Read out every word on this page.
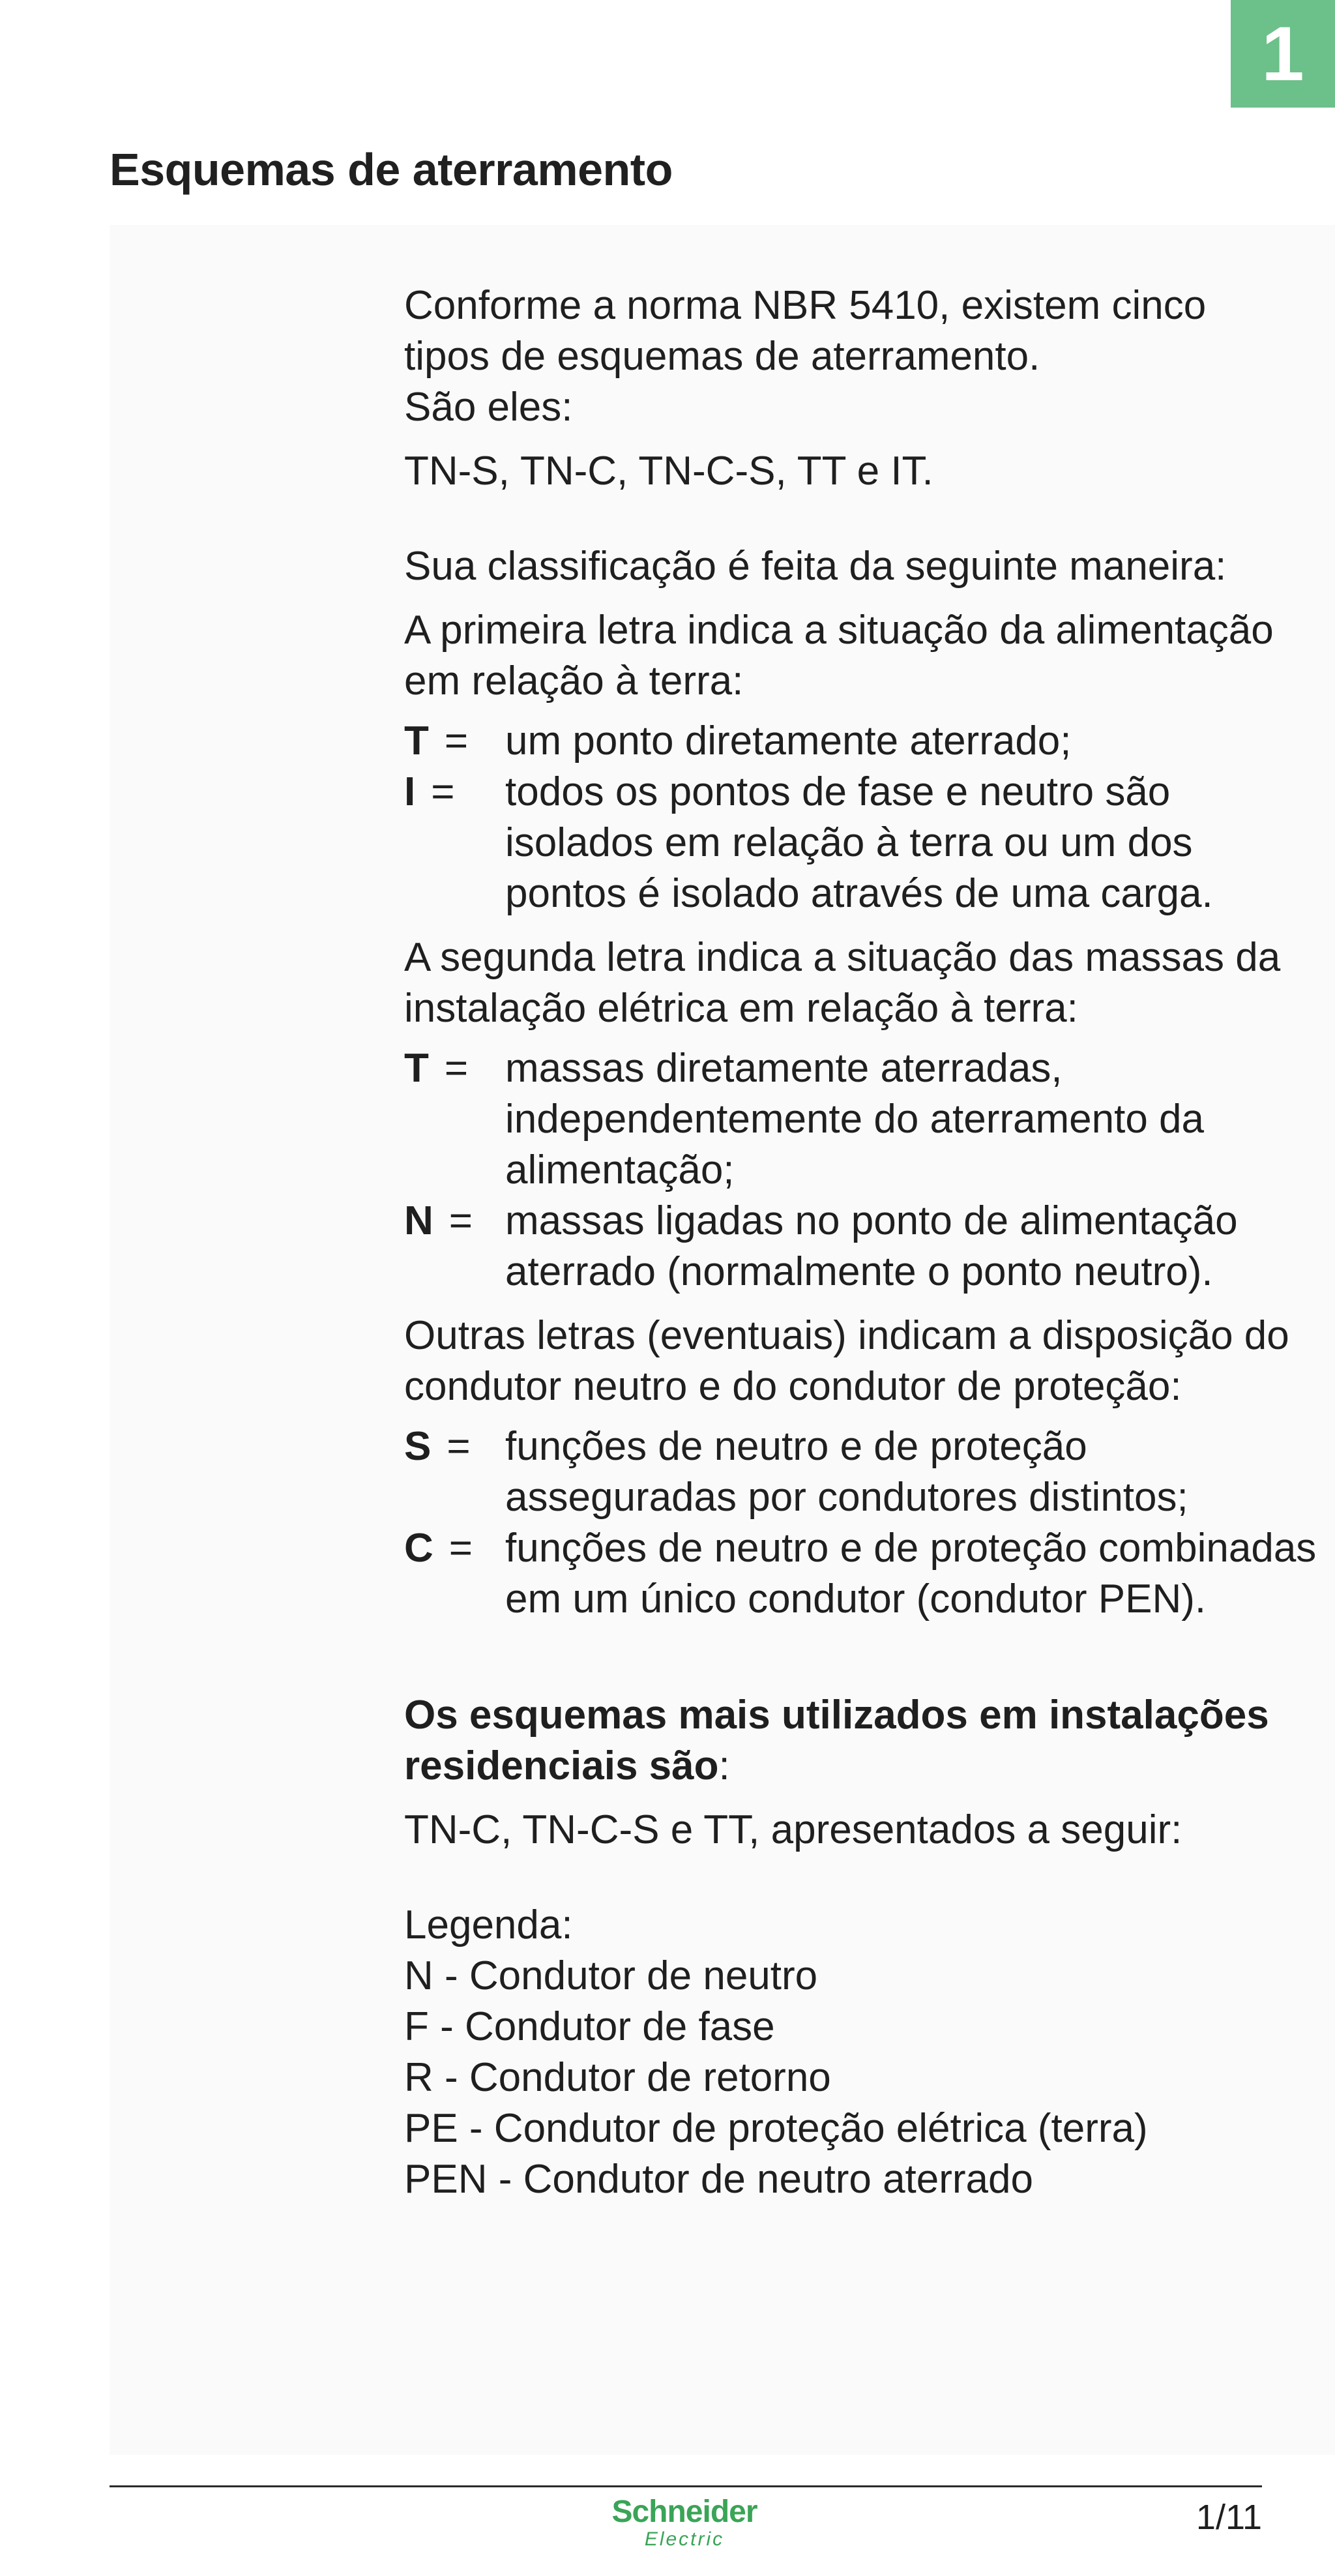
1
Esquemas de aterramento

Conforme a norma NBR 5410, existem cinco

tipos de esquemas de aterramento.

São eles:

TN-S, TN-C, TN-C-S, TT e IT.

Sua classificação é feita da seguinte maneira:

A primeira letra indica a situação da alimentação em relação à terra:

T = um ponto diretamente aterrado;
I =	todos os pontos de fase e neutro são isolados em relação à terra ou um dos pontos é isolado através de uma carga.

A segunda letra indica a situação das massas da instalação elétrica em relação à terra:

T = massas diretamente aterradas, independentemente do aterramento da alimentação;
N = massas ligadas no ponto de alimentação aterrado (normalmente o ponto neutro).

Outras letras (eventuais) indicam a disposição do condutor neutro e do condutor de proteção:

S = funções de neutro e de proteção asseguradas por condutores distintos;
C = funções de neutro e de proteção combinadas em um único condutor (condutor PEN).

Os esquemas mais utilizados em instalações residenciais são:

TN-C, TN-C-S e TT, apresentados a seguir:

Legenda:

N - Condutor de neutro

F - Condutor de fase

R - Condutor de retorno

PE - Condutor de proteção elétrica (terra)

PEN - Condutor de neutro aterrado

Schneider
Electric
1/11
